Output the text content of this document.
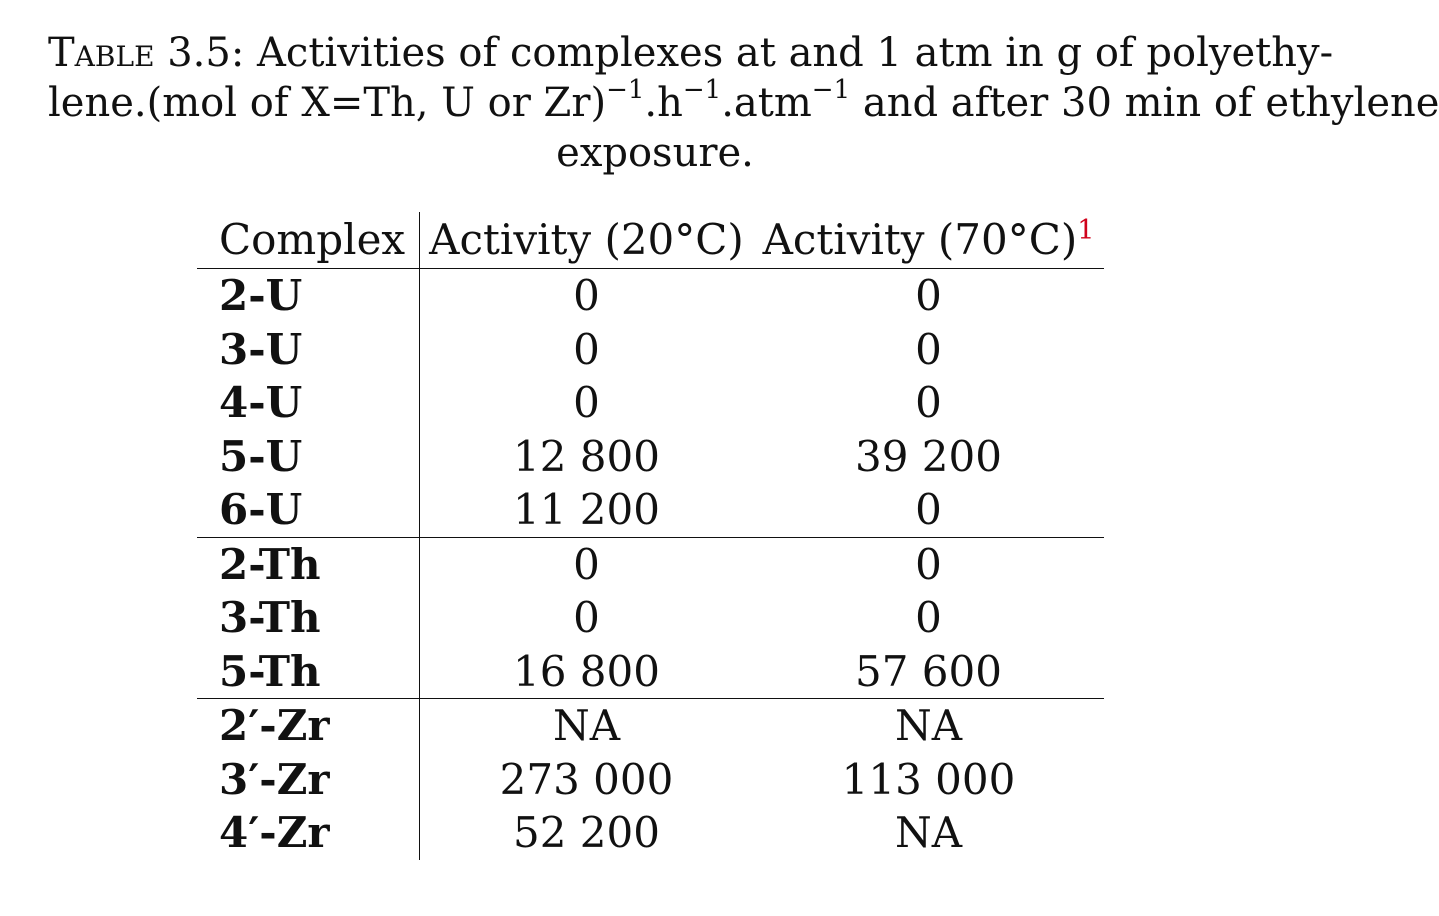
Table 3.5: Activities of complexes at and 1 atm in g of polyethy-
lene.(mol of X=Th, U or $Zr)^{-1}.h^{-1}.atm^{-1}$ and after 30 min of ethylene
exposure.
Complex	Activity (20°C)	Activity (70°C)$^1$
2-U	0	0
3-U	0	0
4-U	0	0
5-U	12 800	39 200
6-U	11 200	0
2-Th	0	0
3-Th	0	0
5-Th	16 800	57 600
2′-Zr	NA	NA
3′-Zr	273 000	113 000
4′-Zr	52 200	NA
